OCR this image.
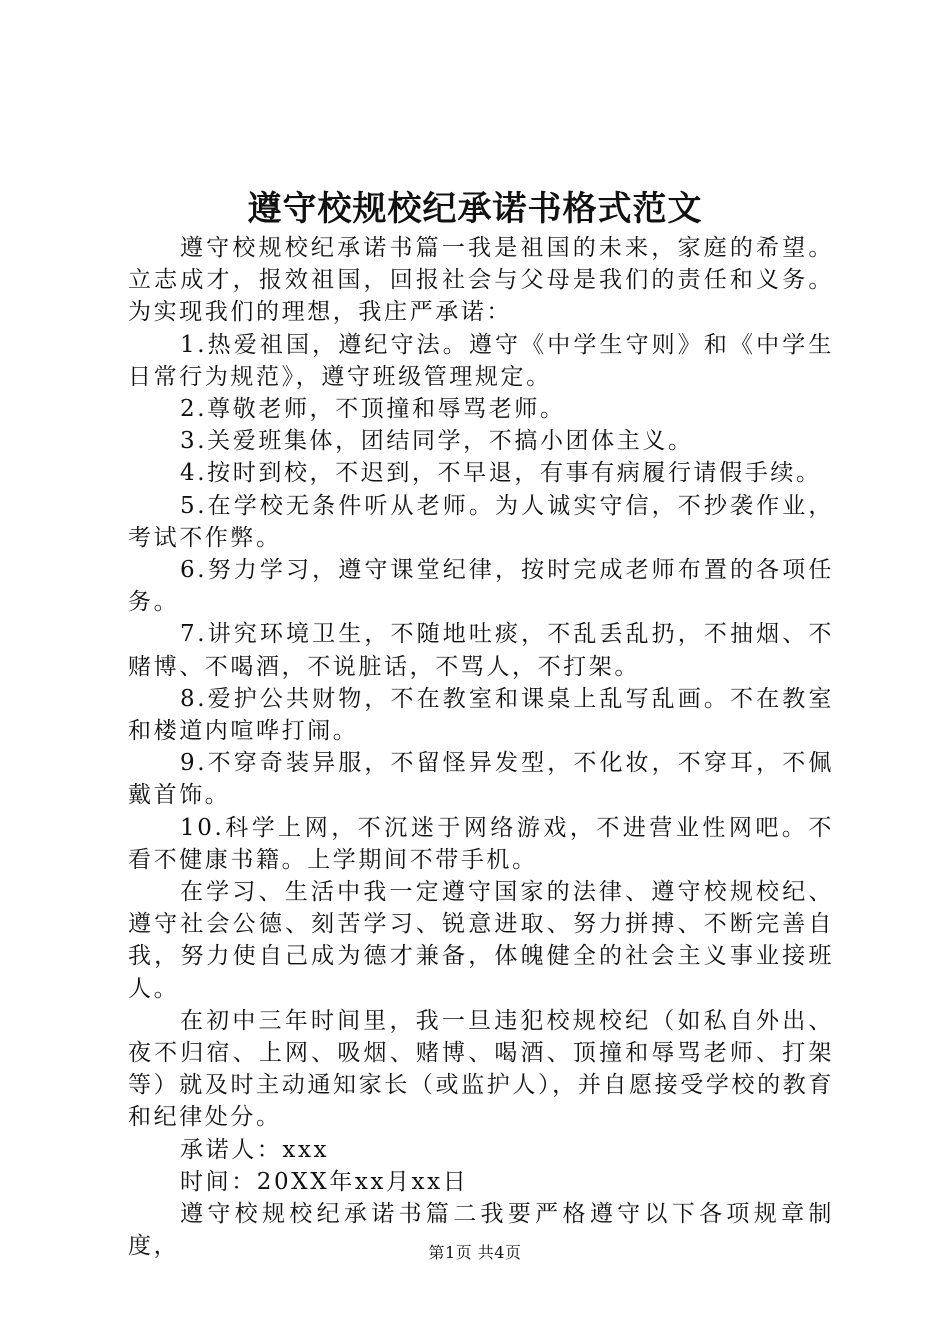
遵守校规校纪承诺书格式范文

遵守校规校纪承诺书篇一我是祖国的未来，家庭的希望。立志成才，报效祖国，回报社会与父母是我们的责任和义务。为实现我们的理想，我庄严承诺：

1.热爱祖国，遵纪守法。遵守《中学生守则》和《中学生日常行为规范》，遵守班级管理规定。

2.尊敬老师，不顶撞和辱骂老师。

3.关爱班集体，团结同学，不搞小团体主义。

4.按时到校，不迟到，不早退，有事有病履行请假手续。

5.在学校无条件听从老师。为人诚实守信，不抄袭作业，考试不作弊。

6.努力学习，遵守课堂纪律，按时完成老师布置的各项任务。

7.讲究环境卫生，不随地吐痰，不乱丢乱扔，不抽烟、不赌博、不喝酒，不说脏话，不骂人，不打架。

8.爱护公共财物，不在教室和课桌上乱写乱画。不在教室和楼道内喧哗打闹。

9.不穿奇装异服，不留怪异发型，不化妆，不穿耳，不佩戴首饰。

10.科学上网，不沉迷于网络游戏，不进营业性网吧。不看不健康书籍。上学期间不带手机。

在学习、生活中我一定遵守国家的法律、遵守校规校纪、遵守社会公德、刻苦学习、锐意进取、努力拼搏、不断完善自我，努力使自己成为德才兼备，体魄健全的社会主义事业接班人。

在初中三年时间里，我一旦违犯校规校纪（如私自外出、夜不归宿、上网、吸烟、赌博、喝酒、顶撞和辱骂老师、打架等）就及时主动通知家长（或监护人），并自愿接受学校的教育和纪律处分。

承诺人：xxx

时间：20XX年xx月xx日

遵守校规校纪承诺书篇二我要严格遵守以下各项规章制度，	第1页 共4页
